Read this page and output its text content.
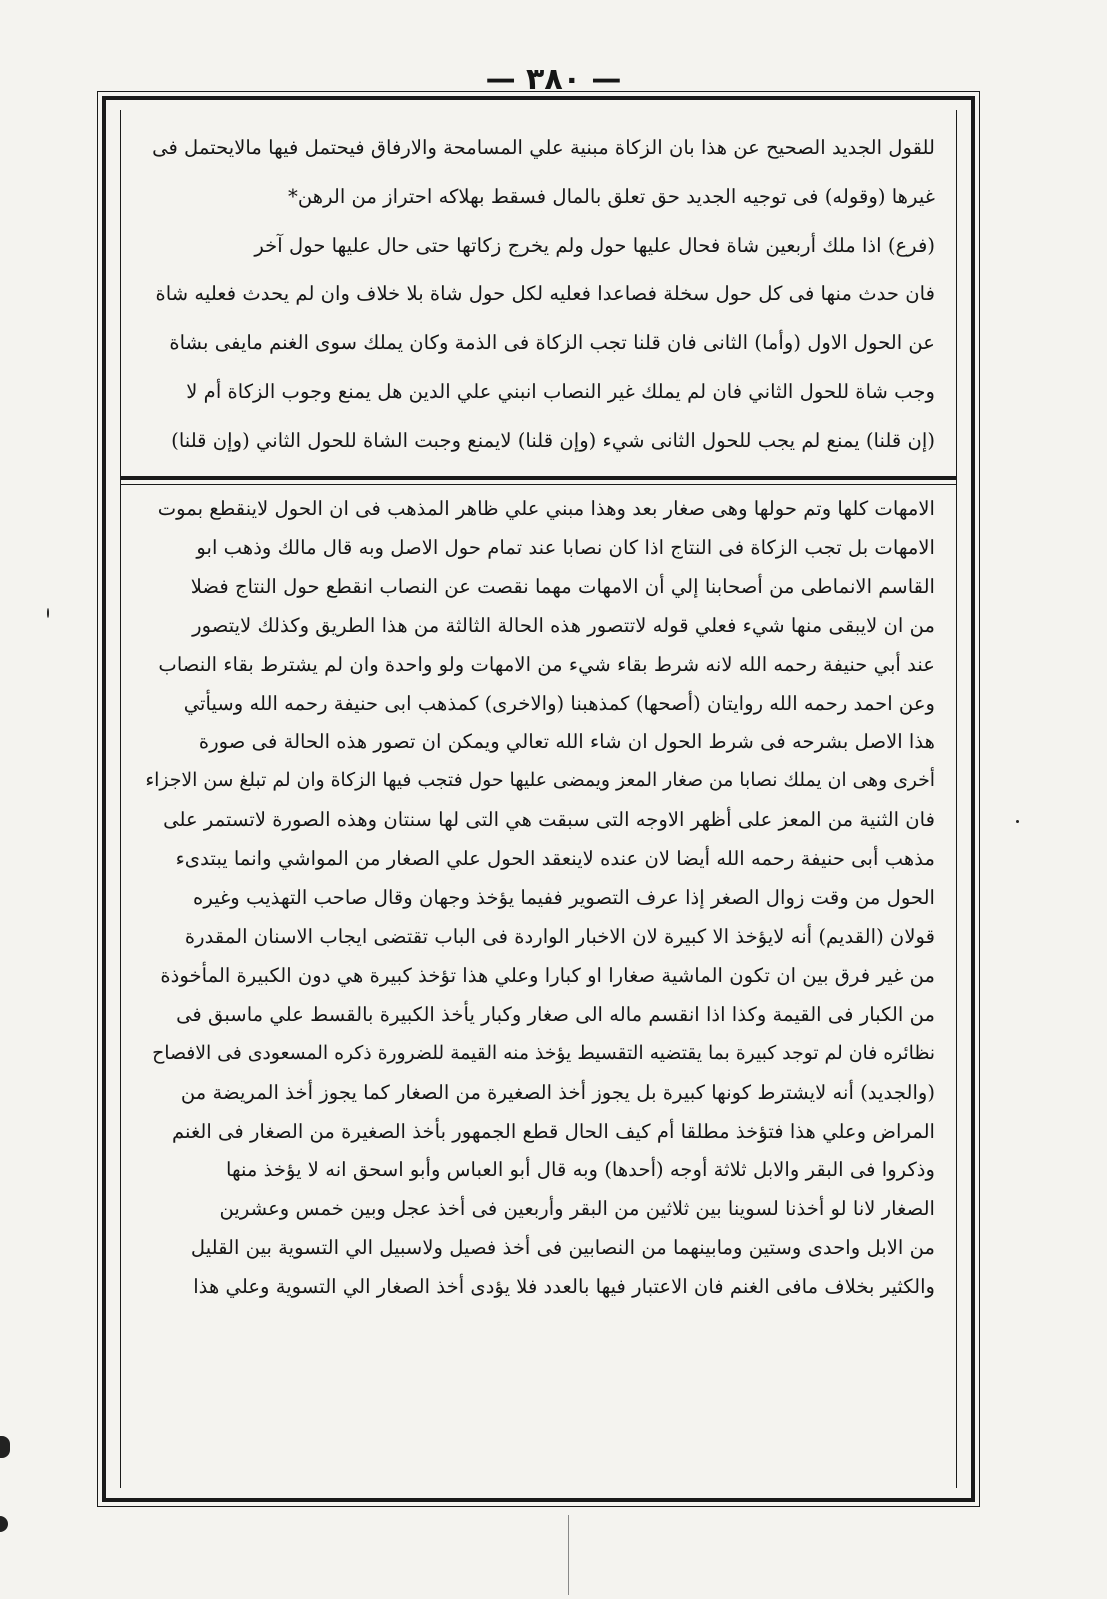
— ٣٨٠ —
للقول الجديد الصحيح عن هذا بان الزكاة مبنية علي المسامحة والارفاق فيحتمل فيها مالايحتمل فى
غيرها (وقوله) فى توجيه الجديد حق تعلق بالمال فسقط بهلاكه احتراز من الرهن*
(فرع) اذا ملك أربعين شاة فحال عليها حول ولم يخرج زكاتها حتى حال عليها حول آخر
فان حدث منها فى كل حول سخلة فصاعدا فعليه لكل حول شاة بلا خلاف وان لم يحدث فعليه شاة
عن الحول الاول (وأما) الثانى فان قلنا تجب الزكاة فى الذمة وكان يملك سوى الغنم مايفى بشاة
وجب شاة للحول الثاني فان لم يملك غير النصاب انبني علي الدين هل يمنع وجوب الزكاة أم لا
(إن قلنا) يمنع لم يجب للحول الثانى شيء (وإن قلنا) لايمنع وجبت الشاة للحول الثاني (وإن قلنا)
الامهات كلها وتم حولها وهى صغار بعد وهذا مبني علي ظاهر المذهب فى ان الحول لاينقطع بموت
الامهات بل تجب الزكاة فى النتاج اذا كان نصابا عند تمام حول الاصل وبه قال مالك وذهب ابو
القاسم الانماطى من أصحابنا إلي أن الامهات مهما نقصت عن النصاب انقطع حول النتاج فضلا
من ان لايبقى منها شيء فعلي قوله لاتتصور هذه الحالة الثالثة من هذا الطريق وكذلك لايتصور
عند أبي حنيفة رحمه الله لانه شرط بقاء شيء من الامهات ولو واحدة وان لم يشترط بقاء النصاب
وعن احمد رحمه الله روايتان (أصحها) كمذهبنا (والاخرى) كمذهب ابى حنيفة رحمه الله وسيأتي
هذا الاصل بشرحه فى شرط الحول ان شاء الله تعالي ويمكن ان تصور هذه الحالة فى صورة
أخرى وهى ان يملك نصابا من صغار المعز ويمضى عليها حول فتجب فيها الزكاة وان لم تبلغ سن الاجزاء
فان الثنية من المعز على أظهر الاوجه التى سبقت هي التى لها سنتان وهذه الصورة لاتستمر على
مذهب أبى حنيفة رحمه الله أيضا لان عنده لاينعقد الحول علي الصغار من المواشي وانما يبتدىء
الحول من وقت زوال الصغر إذا عرف التصوير ففيما يؤخذ وجهان وقال صاحب التهذيب وغيره
قولان (القديم) أنه لايؤخذ الا كبيرة لان الاخبار الواردة فى الباب تقتضى ايجاب الاسنان المقدرة
من غير فرق بين ان تكون الماشية صغارا او كبارا وعلي هذا تؤخذ كبيرة هي دون الكبيرة المأخوذة
من الكبار فى القيمة وكذا اذا انقسم ماله الى صغار وكبار يأخذ الكبيرة بالقسط علي ماسبق فى
نظائره فان لم توجد كبيرة بما يقتضيه التقسيط يؤخذ منه القيمة للضرورة ذكره المسعودى فى الافصاح
(والجديد) أنه لايشترط كونها كبيرة بل يجوز أخذ الصغيرة من الصغار كما يجوز أخذ المريضة من
المراض وعلي هذا فتؤخذ مطلقا أم كيف الحال قطع الجمهور بأخذ الصغيرة من الصغار فى الغنم
وذكروا فى البقر والابل ثلاثة أوجه (أحدها) وبه قال أبو العباس وأبو اسحق انه لا يؤخذ منها
الصغار لانا لو أخذنا لسوينا بين ثلاثين من البقر وأربعين فى أخذ عجل وبين خمس وعشرين
من الابل واحدى وستين ومابينهما من النصابين فى أخذ فصيل ولاسبيل الي التسوية بين القليل
والكثير بخلاف مافى الغنم فان الاعتبار فيها بالعدد فلا يؤدى أخذ الصغار الي التسوية وعلي هذا
